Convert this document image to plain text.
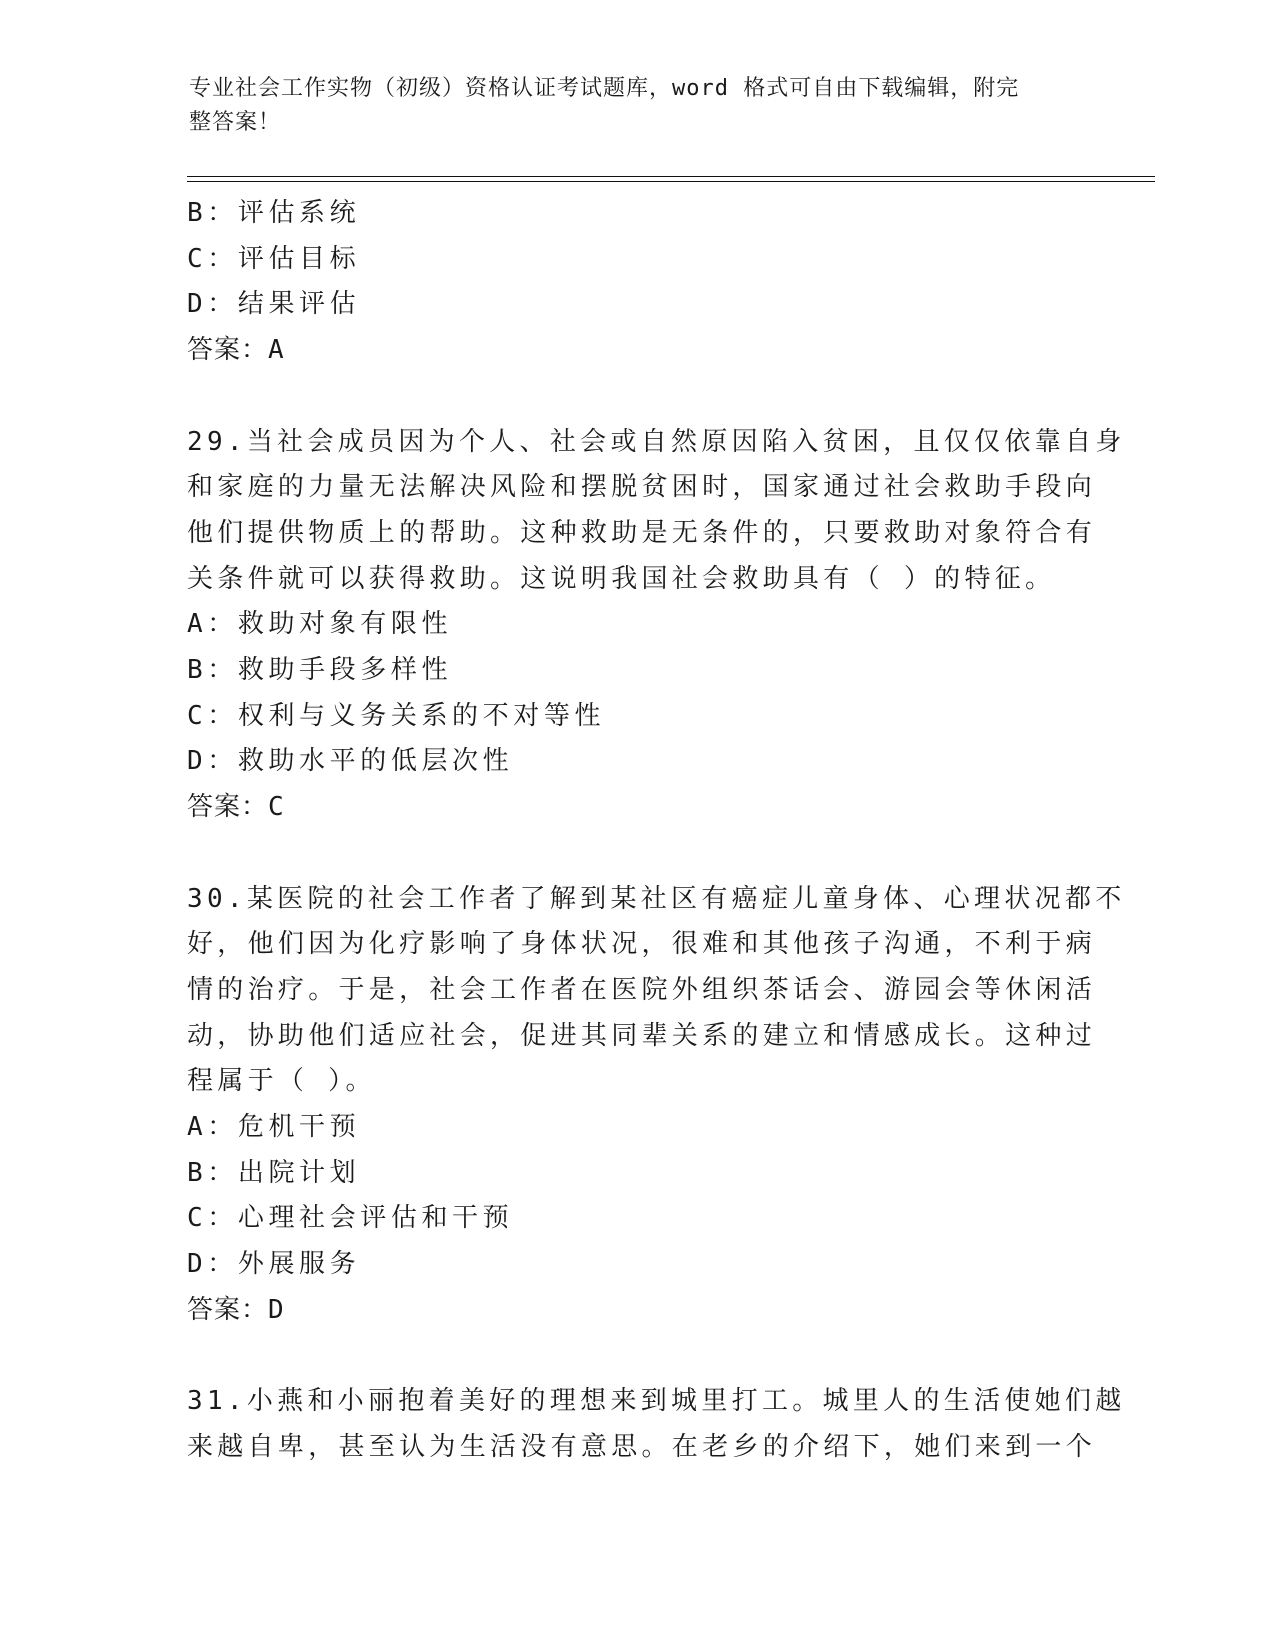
专业社会工作实物（初级）资格认证考试题库，word 格式可自由下载编辑，附完
整答案！
B：评估系统
C：评估目标
D：结果评估
答案：A
29.当社会成员因为个人、社会或自然原因陷入贫困，且仅仅依靠自身
和家庭的力量无法解决风险和摆脱贫困时，国家通过社会救助手段向
他们提供物质上的帮助。这种救助是无条件的，只要救助对象符合有
关条件就可以获得救助。这说明我国社会救助具有（ ）的特征。
A：救助对象有限性
B：救助手段多样性
C：权利与义务关系的不对等性
D：救助水平的低层次性
答案：C
30.某医院的社会工作者了解到某社区有癌症儿童身体、心理状况都不
好，他们因为化疗影响了身体状况，很难和其他孩子沟通，不利于病
情的治疗。于是，社会工作者在医院外组织茶话会、游园会等休闲活
动，协助他们适应社会，促进其同辈关系的建立和情感成长。这种过
程属于（ ）。
A：危机干预
B：出院计划
C：心理社会评估和干预
D：外展服务
答案：D
31.小燕和小丽抱着美好的理想来到城里打工。城里人的生活使她们越
来越自卑，甚至认为生活没有意思。在老乡的介绍下，她们来到一个
